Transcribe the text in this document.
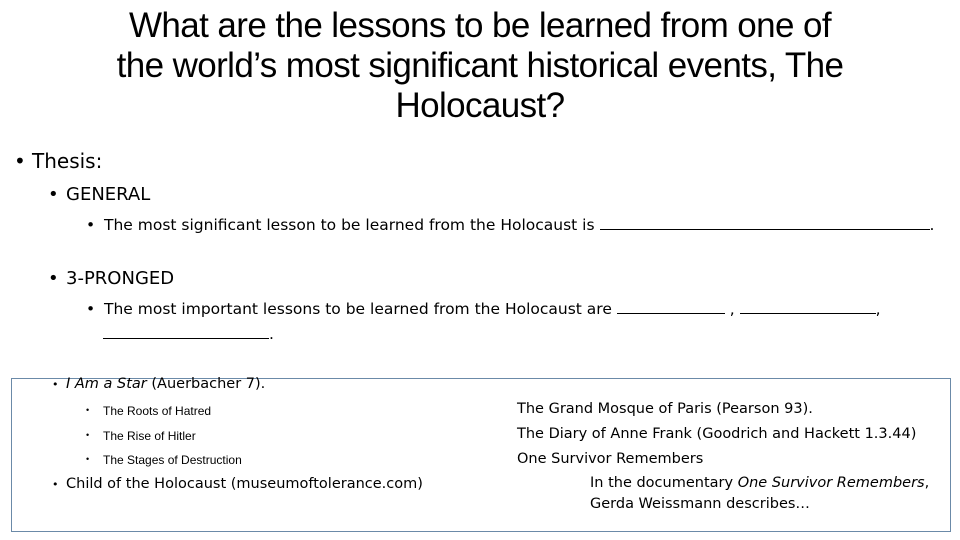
What are the lessons to be learned from one of
the world’s most significant historical events, The
Holocaust?
• Thesis:
• GENERAL
• The most significant lesson to be learned from the Holocaust is	.
• 3-PRONGED
• The most important lessons to be learned from the Holocaust are	,	,
.
• I Am a Star (Auerbacher 7).
• The Roots of Hatred
• The Rise of Hitler
• The Stages of Destruction
• Child of the Holocaust (museumoftolerance.com)
The Grand Mosque of Paris (Pearson 93).
The Diary of Anne Frank (Goodrich and Hackett 1.3.44)
One Survivor Remembers
In the documentary One Survivor Remembers,
Gerda Weissmann describes…
